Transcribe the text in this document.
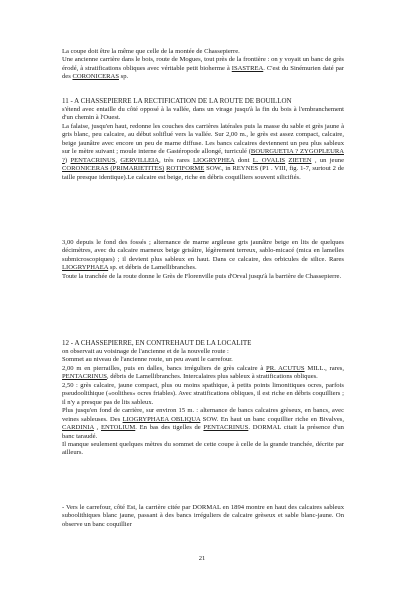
La coupe doit être la même que celle de la montée de Chassepierre.
Une ancienne carrière dans le bois, route de Mogues, tout près de la frontière : on y voyait un banc de grès érodé, à stratifications obliques avec véritable petit biohermе à ISASTREA. C'est du Sinémurien daté par des CORONICERAS sp.

11 - A CHASSEPIERRE LA RECTIFICATION DE LA ROUTE DE BOUILLON

s'étend avec entaille du côté opposé à la vallée, dans un virage jusqu'à la fin du bois à l'embranchement d'un chemin à l'Ouest.

La falaise, jusqu'en haut, redonne les couches des carrières latérales puis la masse du sable et grès jaune à gris blanc, peu calcaire, au début soliflué vers la vallée. Sur 2,00 m., le grès est assez compact, calcaire, beige jaunâtre avec encore un peu de marne diffuse. Les bancs calcaires deviennent un peu plus sableux sur le mètre suivant ; moule interne de Gastéropode allongé, turriculé (BOURGUETIA ? ZYGOPLEURA ?) PENTACRINUS, GERVILLEIA, très rares LIOGRYPHEA dont L. OVALIS ZIETEN , un jeune CORONICERAS (PRIMARIETITES) ROTIFORME SOW., in REYNES (P1 . VIII, fig. 1-7, surtout 2 de taille presque identique).Le calcaire est beige, riche en débris coquilliers souvent silicifiés.

3,00 depuis le fond des fossés ; alternance de marne argileuse gris jaunâtre beige en lits de quelques décimètres, avec du calcaire marneux beige grisâtre, légèrement terreux, sablo-micacé (mica en lamelles submicroscopiques) ; il devient plus sableux en haut. Dans ce calcaire, des orbicules de silice. Rares LIOGRYPHAEA sp. et débris de Lamellibranches.
Toute la tranchée de la route donne le Grès de Florenville puis d'Orval jusqu'à la barrière de Chassepierre.

12 - A CHASSEPIERRE, EN CONTREHAUT DE LA LOCALITE

on observait au voisinage de l'ancienne et de la nouvelle route :
Sommet au niveau de l'ancienne route, un peu avant le carrefour.
2,00 m en pierrailles, puis en dalles, bancs irréguliers de grès calcaire à PR. ACUTUS MILL., rares, PENTACRINUS, débris de Lamellibranches. Intercalaires plus sableux à stratifications obliques.
2,50 : grès calcaire, jaune compact, plus ou moins spathique, à petits points limonitiques ocres, parfois pseudoolithique («oolithes» ocres friables). Avec stratifications obliques, il est riche en débris coquilliers ; il n'y a presque pas de lits sableux.
Plus jusqu'en fond de carrière, sur environ 15 m. : alternance de bancs calcaires grèseux, en bancs, avec veines sableuses. Des LIOGRYPHAEA OBLIQUA SOW. En haut un banc coquillier riche en Bivalves, CARDINIA , ENTOLIUM. En bas des tigelles de PENTACRINUS. DORMAL citait la présence d'un banc taraudé.
Il manque seulement quelques mètres du sommet de cette coupe à celle de la grande tranchée, décrite par ailleurs.

- Vers le carrefour, côté Est, la carrière citée par DORMAL en 1894 montre en haut des calcaires sableux suboolithiques blanc jaune, passant à des bancs irréguliers de calcaire grèseux et sable blanc-jaune. On observe un banc coquillier

21
